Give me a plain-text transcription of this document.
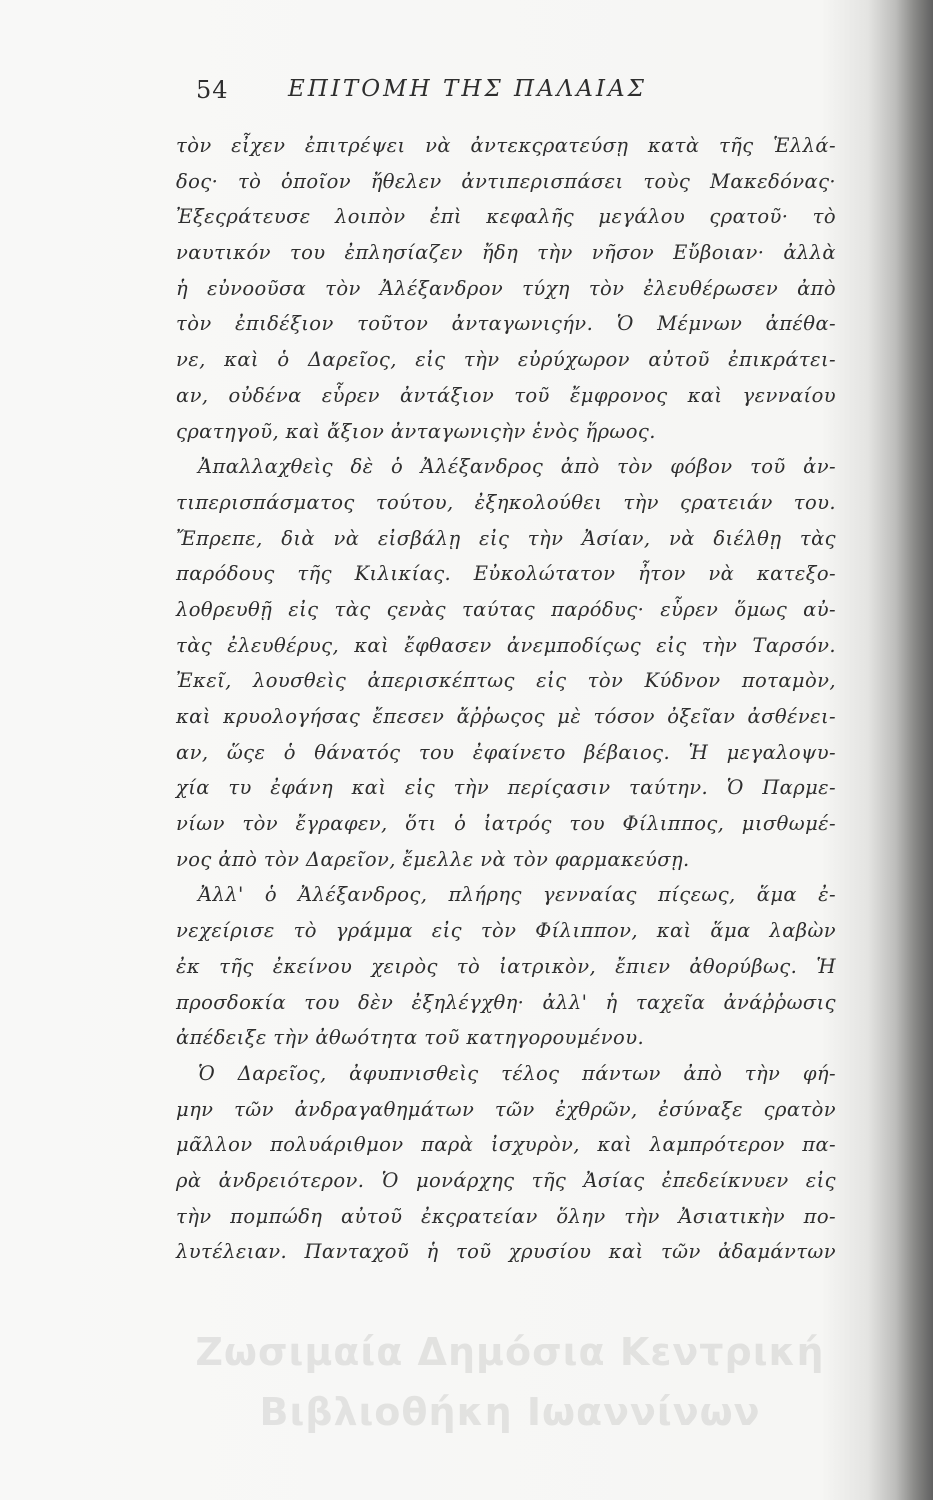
54	ΕΠΙΤΟΜΗ ΤΗΣ ΠΑΛΑΙΑΣ
τὸν εἶχεν ἐπιτρέψει νὰ ἀντεκςρατεύσῃ κατὰ τῆς Ἑλλά-
δος· τὸ ὁποῖον ἤθελεν ἀντιπερισπάσει τοὺς Μακεδόνας·
Ἐξεςράτευσε λοιπὸν ἐπὶ κεφαλῆς μεγάλου ςρατοῦ· τὸ
ναυτικόν του ἐπλησίαζεν ἤδη τὴν νῆσον Εὔβοιαν· ἀλλὰ
ἡ εὐνοοῦσα τὸν Ἀλέξανδρον τύχη τὸν ἐλευθέρωσεν ἀπὸ
τὸν ἐπιδέξιον τοῦτον ἀνταγωνιςήν. Ὁ Μέμνων ἀπέθα-
νε, καὶ ὁ Δαρεῖος, εἰς τὴν εὐρύχωρον αὐτοῦ ἐπικράτει-
αν, οὐδένα εὗρεν ἀντάξιον τοῦ ἔμφρονος καὶ γενναίου
ςρατηγοῦ, καὶ ἄξιον ἀνταγωνιςὴν ἑνὸς ἥρωος.
Ἀπαλλαχθεὶς δὲ ὁ Ἀλέξανδρος ἀπὸ τὸν φόβον τοῦ ἀν-
τιπερισπάσματος τούτου, ἐξηκολούθει τὴν ςρατειάν του.
Ἔπρεπε, διὰ νὰ εἰσβάλῃ εἰς τὴν Ἀσίαν, νὰ διέλθῃ τὰς
παρόδους τῆς Κιλικίας. Εὐκολώτατον ἦτον νὰ κατεξο-
λοθρευθῇ εἰς τὰς ςενὰς ταύτας παρόδυς· εὗρεν ὅμως αὐ-
τὰς ἐλευθέρυς, καὶ ἔφθασεν ἀνεμποδίςως εἰς τὴν Ταρσόν.
Ἐκεῖ, λουσθεὶς ἀπερισκέπτως εἰς τὸν Κύδνον ποταμὸν,
καὶ κρυολογήσας ἔπεσεν ἄῤῥωςος μὲ τόσον ὀξεῖαν ἀσθένει-
αν, ὥςε ὁ θάνατός του ἐφαίνετο βέβαιος. Ἡ μεγαλοψυ-
χία τυ ἐφάνη καὶ εἰς τὴν περίςασιν ταύτην. Ὁ Παρμε-
νίων τὸν ἔγραφεν, ὅτι ὁ ἰατρός του Φίλιππος, μισθωμέ-
νος ἀπὸ τὸν Δαρεῖον, ἔμελλε νὰ τὸν φαρμακεύσῃ.
Ἀλλ' ὁ Ἀλέξανδρος, πλήρης γενναίας πίςεως, ἅμα ἐ-
νεχείρισε τὸ γράμμα εἰς τὸν Φίλιππον, καὶ ἅμα λαβὼν
ἐκ τῆς ἐκείνου χειρὸς τὸ ἰατρικὸν, ἔπιεν ἀθορύβως. Ἡ
προσδοκία του δὲν ἐξηλέγχθη· ἀλλ' ἡ ταχεῖα ἀνάῤῥωσις
ἀπέδειξε τὴν ἀθωότητα τοῦ κατηγορουμένου.
Ὁ Δαρεῖος, ἀφυπνισθεὶς τέλος πάντων ἀπὸ τὴν φή-
μην τῶν ἀνδραγαθημάτων τῶν ἐχθρῶν, ἐσύναξε ςρατὸν
μᾶλλον πολυάριθμον παρὰ ἰσχυρὸν, καὶ λαμπρότερον πα-
ρὰ ἀνδρειότερον. Ὁ μονάρχης τῆς Ἀσίας ἐπεδείκνυεν εἰς
τὴν πομπώδη αὐτοῦ ἐκςρατείαν ὅλην τὴν Ἀσιατικὴν πο-
λυτέλειαν. Πανταχοῦ ἡ τοῦ χρυσίου καὶ τῶν ἀδαμάντων
Ζωσιμαία Δημόσια Κεντρική
Βιβλιοθήκη Ιωαννίνων
